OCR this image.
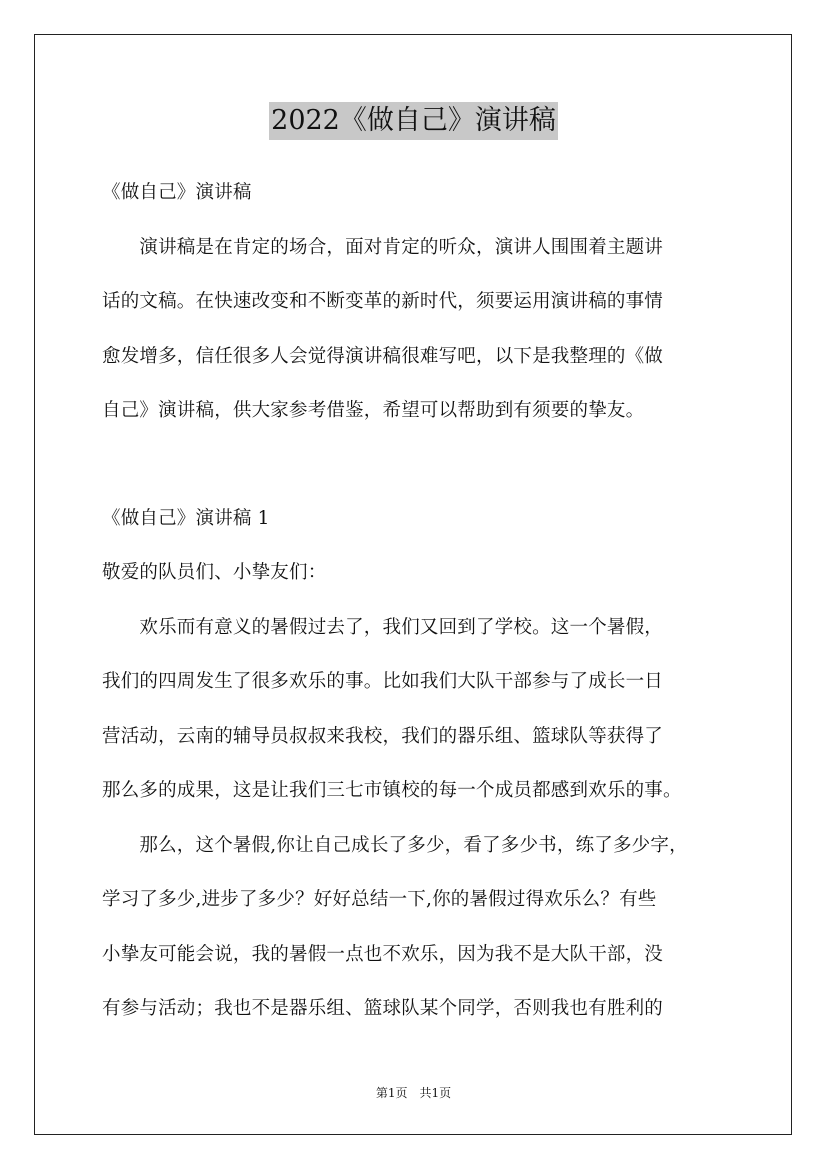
2022《做自己》演讲稿
《做自己》演讲稿
　　演讲稿是在肯定的场合，面对肯定的听众，演讲人围围着主题讲
话的文稿。在快速改变和不断变革的新时代，须要运用演讲稿的事情
愈发增多，信任很多人会觉得演讲稿很难写吧，以下是我整理的《做
自己》演讲稿，供大家参考借鉴，希望可以帮助到有须要的挚友。
《做自己》演讲稿 1
敬爱的队员们、小挚友们：
　　欢乐而有意义的暑假过去了，我们又回到了学校。这一个暑假，
我们的四周发生了很多欢乐的事。比如我们大队干部参与了成长一日
营活动，云南的辅导员叔叔来我校，我们的器乐组、篮球队等获得了
那么多的成果，这是让我们三七市镇校的每一个成员都感到欢乐的事。
　　那么，这个暑假,你让自己成长了多少，看了多少书，练了多少字，
学习了多少,进步了多少？好好总结一下,你的暑假过得欢乐么？有些
小挚友可能会说，我的暑假一点也不欢乐，因为我不是大队干部，没
有参与活动；我也不是器乐组、篮球队某个同学，否则我也有胜利的
第1页　共1页
